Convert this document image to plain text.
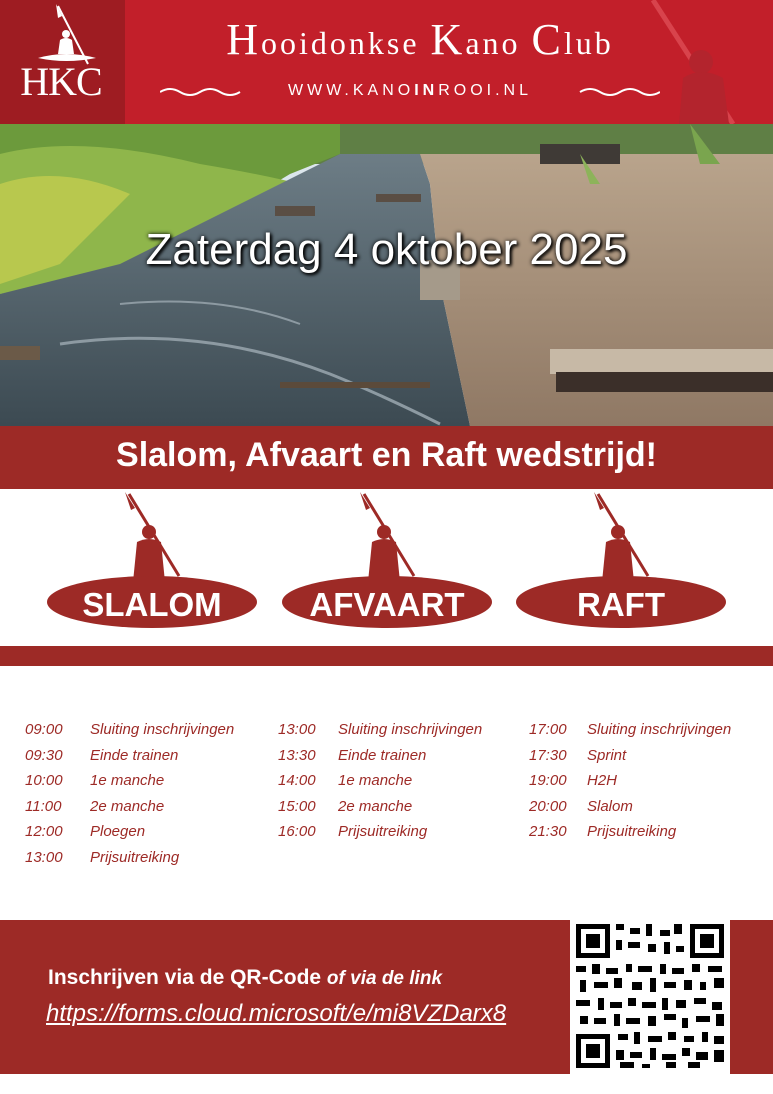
HKC
Hooidonkse Kano Club
WWW.KANOINROOI.NL
Zaterdag 4 oktober 2025
Slalom, Afvaart en Raft wedstrijd!
SLALOM	AFVAART	RAFT
09:00 Sluiting inschrijvingen
09:30 Einde trainen
10:00 1e manche
11:00 2e manche
12:00 Ploegen
13:00 Prijsuitreiking
13:00 Sluiting inschrijvingen
13:30 Einde trainen
14:00 1e manche
15:00 2e manche
16:00 Prijsuitreiking
17:00 Sluiting inschrijvingen
17:30 Sprint
19:00 H2H
20:00 Slalom
21:30 Prijsuitreiking
Inschrijven via de QR-Code of via de link
https://forms.cloud.microsoft/e/mi8VZDarx8
